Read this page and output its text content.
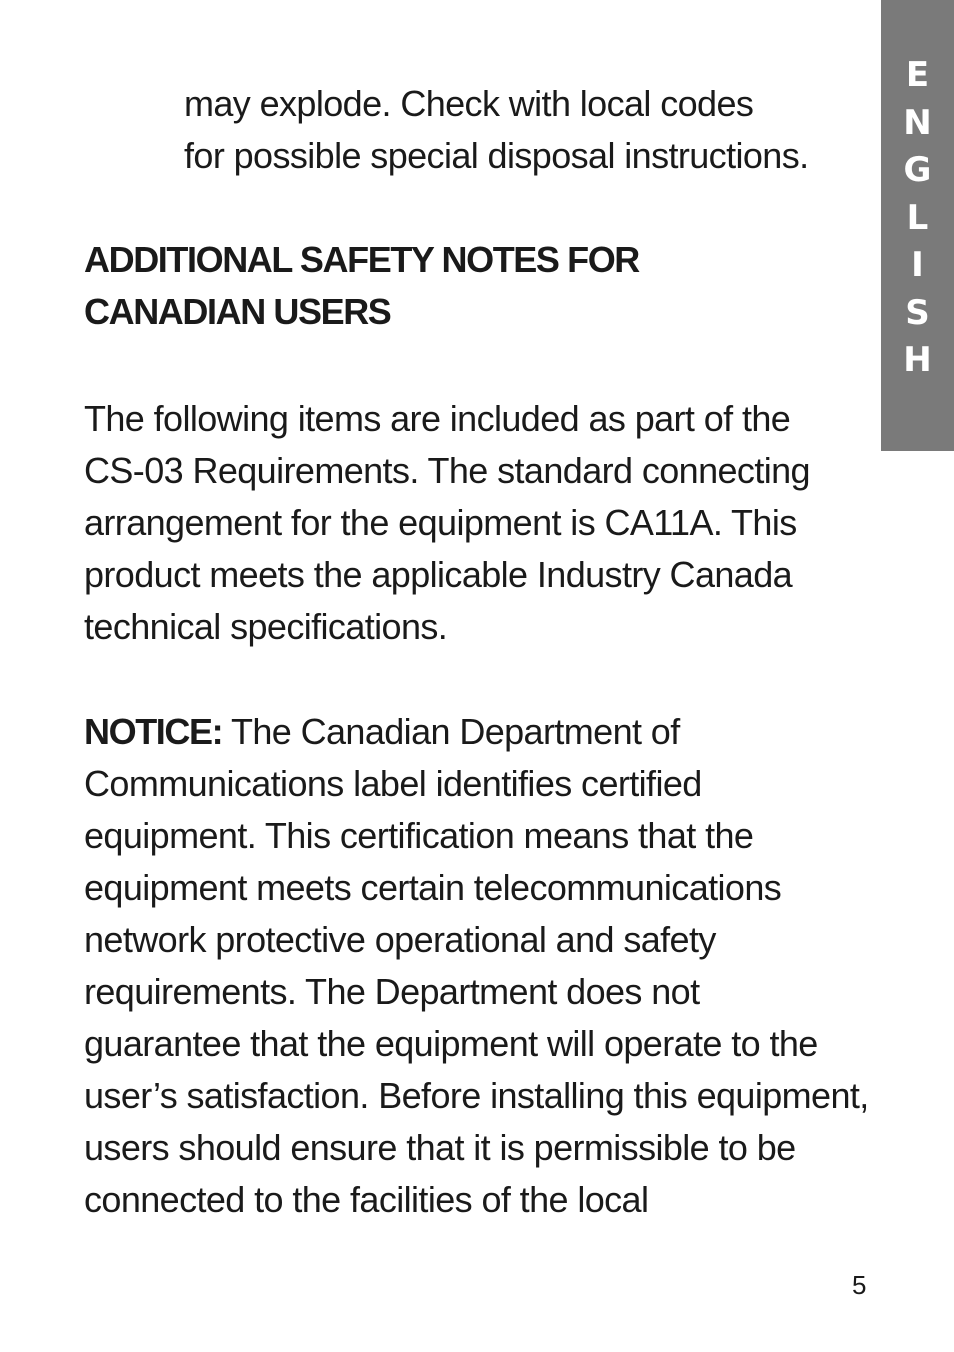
may explode. Check with local codes
for possible special disposal instructions.
ADDITIONAL SAFETY NOTES FOR
CANADIAN USERS
The following items are included as part of the
CS-03 Requirements. The standard connecting
arrangement for the equipment is CA11A. This
product meets the applicable Industry Canada
technical specifications.
NOTICE: The Canadian Department of
Communications label identifies certified
equipment. This certification means that the
equipment meets certain telecommunications
network protective operational and safety
requirements. The Department does not
guarantee that the equipment will operate to the
user’s satisfaction. Before installing this equipment,
users should ensure that it is permissible to be
connected to the facilities of the local
E
N
G
L
I
S
H
5
